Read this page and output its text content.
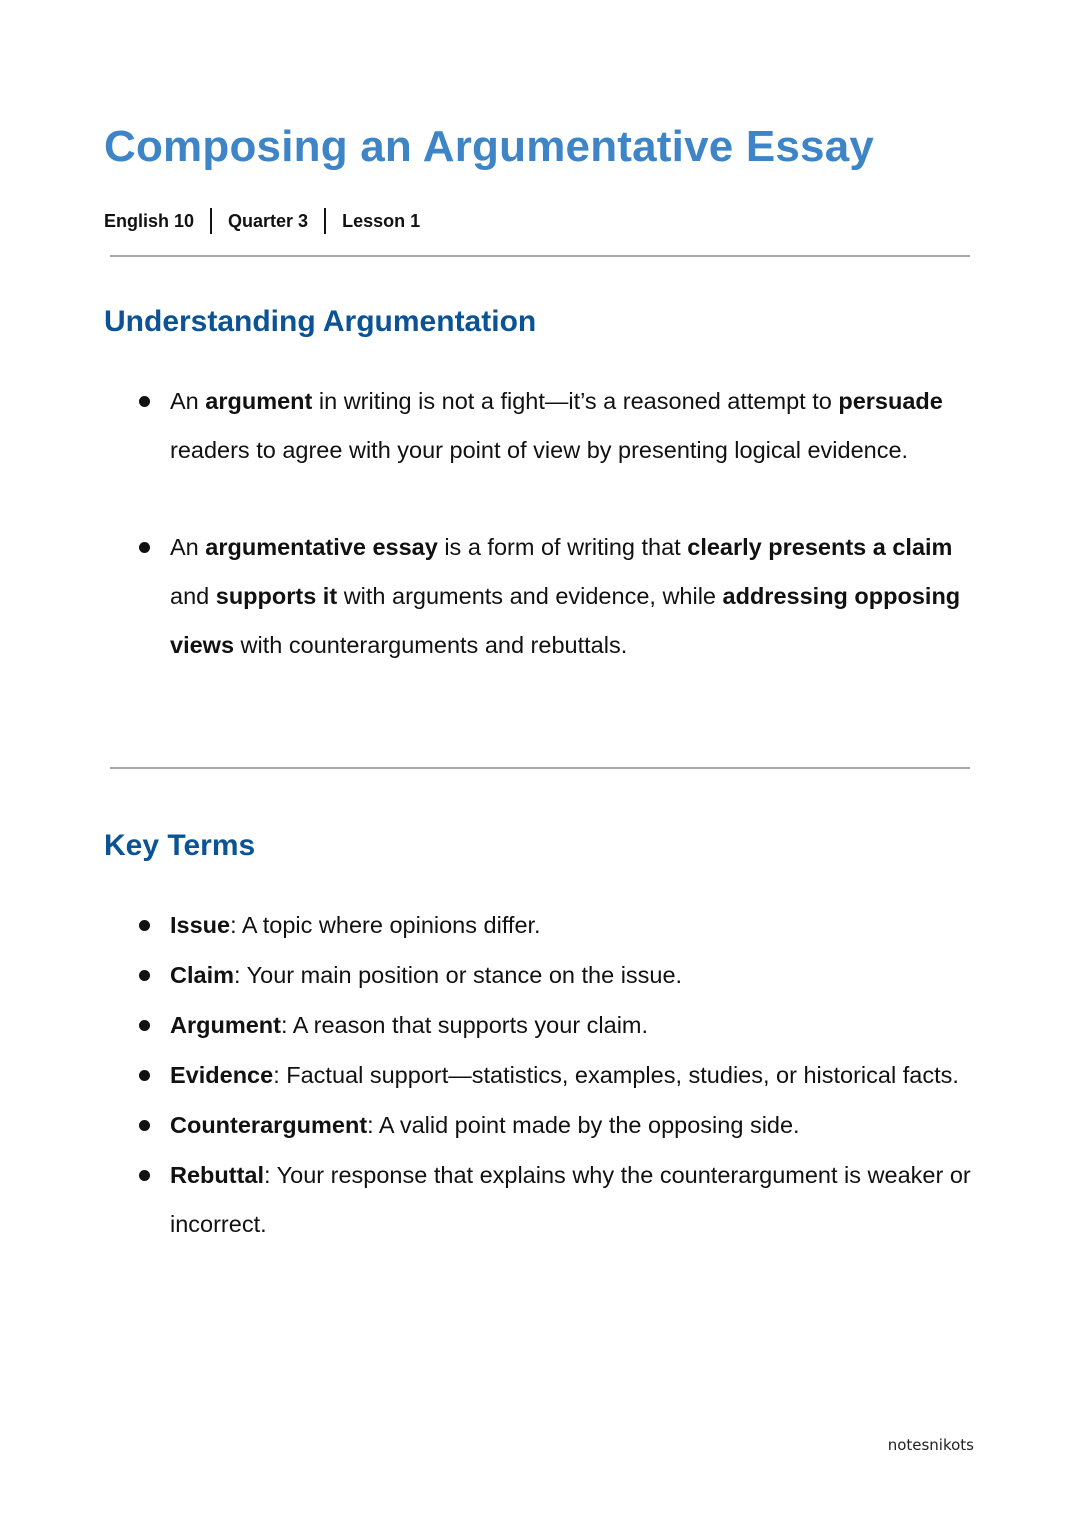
Composing an Argumentative Essay
English 10 Quarter 3 Lesson 1
Understanding Argumentation
An argument in writing is not a fight—it’s a reasoned attempt to persuade readers to agree with your point of view by presenting logical evidence.
An argumentative essay is a form of writing that clearly presents a claim and supports it with arguments and evidence, while addressing opposing views with counterarguments and rebuttals.
Key Terms
Issue: A topic where opinions differ.
Claim: Your main position or stance on the issue.
Argument: A reason that supports your claim.
Evidence: Factual support—statistics, examples, studies, or historical facts.
Counterargument: A valid point made by the opposing side.
Rebuttal: Your response that explains why the counterargument is weaker or incorrect.
notesnikots
